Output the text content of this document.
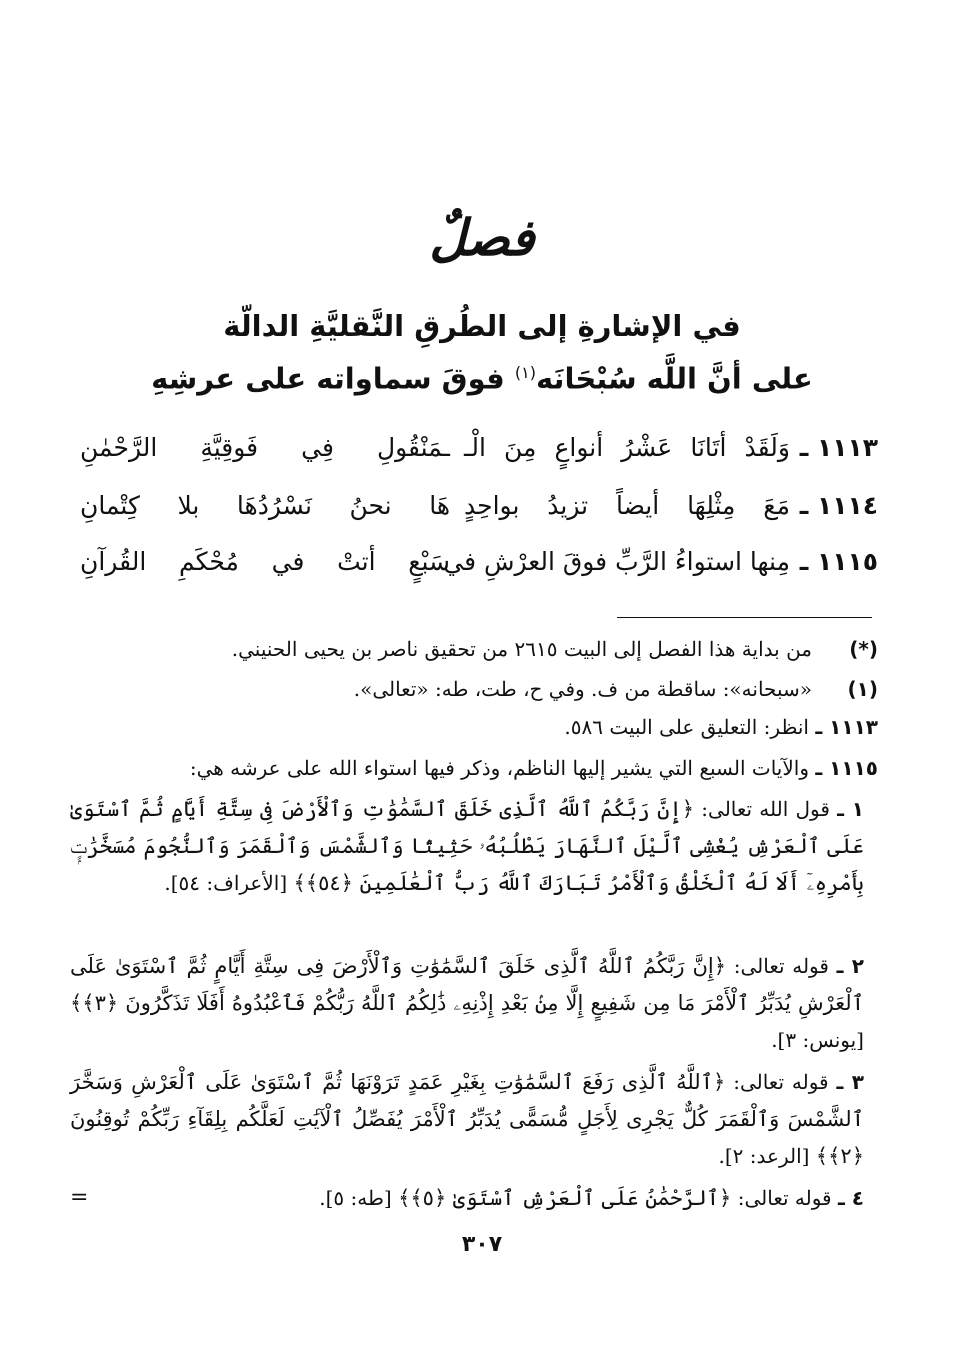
فصلٌ
في الإشارةِ إلى الطُرقِ النَّقليَّةِ الدالّة
على أنَّ اللَّه سُبْحَانَه$^{(١)}$ فوقَ سماواته على عرشِهِ
١١١٣ ـ
وَلَقَدْ أتَانَا عَشْرُ أنواعٍ مِنَ الْـ
ـمَنْقُولِ فِي فَوقِيَّةِ الرَّحْمٰنِ
١١١٤ ـ
مَعَ مِثْلِهَا أيضاً تزيدُ بواحِدٍ
هَا نحنُ نَسْرُدُهَا بلا كِتْمانِ
١١١٥ ـ
مِنها استواءُ الرَّبِّ فوقَ العرْشِ في
سَبْعٍ أتتْ في مُحْكَمِ القُرآنِ
(*)
من بداية هذا الفصل إلى البيت ٢٦١٥ من تحقيق ناصر بن يحيى الحنيني.
(١)
«سبحانه»: ساقطة من ف. وفي ح، طت، طه: «تعالى».
١١١٣ ـ انظر: التعليق على البيت ٥٨٦.
١١١٥ ـ والآيات السبع التي يشير إليها الناظم، وذكر فيها استواء الله على عرشه هي:
١ ـ قول الله تعالى: ﴿إِنَّ رَبَّكُمُ ٱللَّهُ ٱلَّذِى خَلَقَ ٱلسَّمَٰوَٰتِ وَٱلْأَرْضَ فِى سِتَّةِ أَيَّامٍ ثُمَّ ٱسْتَوَىٰ عَلَى ٱلْعَرْشِ يُغْشِى ٱلَّيْلَ ٱلنَّهَارَ يَطْلُبُهُۥ حَثِيثًا وَٱلشَّمْسَ وَٱلْقَمَرَ وَٱلنُّجُومَ مُسَخَّرَٰتٍۭ بِأَمْرِهِۦٓ أَلَا لَهُ ٱلْخَلْقُ وَٱلْأَمْرُ تَبَارَكَ ٱللَّهُ رَبُّ ٱلْعَٰلَمِينَ ﴿٥٤﴾﴾ [الأعراف: ٥٤].
٢ ـ قوله تعالى: ﴿إِنَّ رَبَّكُمُ ٱللَّهُ ٱلَّذِى خَلَقَ ٱلسَّمَٰوَٰتِ وَٱلْأَرْضَ فِى سِتَّةِ أَيَّامٍ ثُمَّ ٱسْتَوَىٰ عَلَى ٱلْعَرْشِ يُدَبِّرُ ٱلْأَمْرَ مَا مِن شَفِيعٍ إِلَّا مِنۢ بَعْدِ إِذْنِهِۦ ذَٰلِكُمُ ٱللَّهُ رَبُّكُمْ فَٱعْبُدُوهُ أَفَلَا تَذَكَّرُونَ ﴿٣﴾﴾ [يونس: ٣].
٣ ـ قوله تعالى: ﴿ٱللَّهُ ٱلَّذِى رَفَعَ ٱلسَّمَٰوَٰتِ بِغَيْرِ عَمَدٍ تَرَوْنَهَا ثُمَّ ٱسْتَوَىٰ عَلَى ٱلْعَرْشِ وَسَخَّرَ ٱلشَّمْسَ وَٱلْقَمَرَ كُلٌّ يَجْرِى لِأَجَلٍ مُّسَمًّى يُدَبِّرُ ٱلْأَمْرَ يُفَصِّلُ ٱلْآيَٰتِ لَعَلَّكُم بِلِقَآءِ رَبِّكُمْ تُوقِنُونَ ﴿٢﴾﴾ [الرعد: ٢].
٤ ـ قوله تعالى: ﴿ٱلرَّحْمَٰنُ عَلَى ٱلْعَرْشِ ٱسْتَوَىٰ ﴿٥﴾﴾ [طه: ٥].
=
٣٠٧
